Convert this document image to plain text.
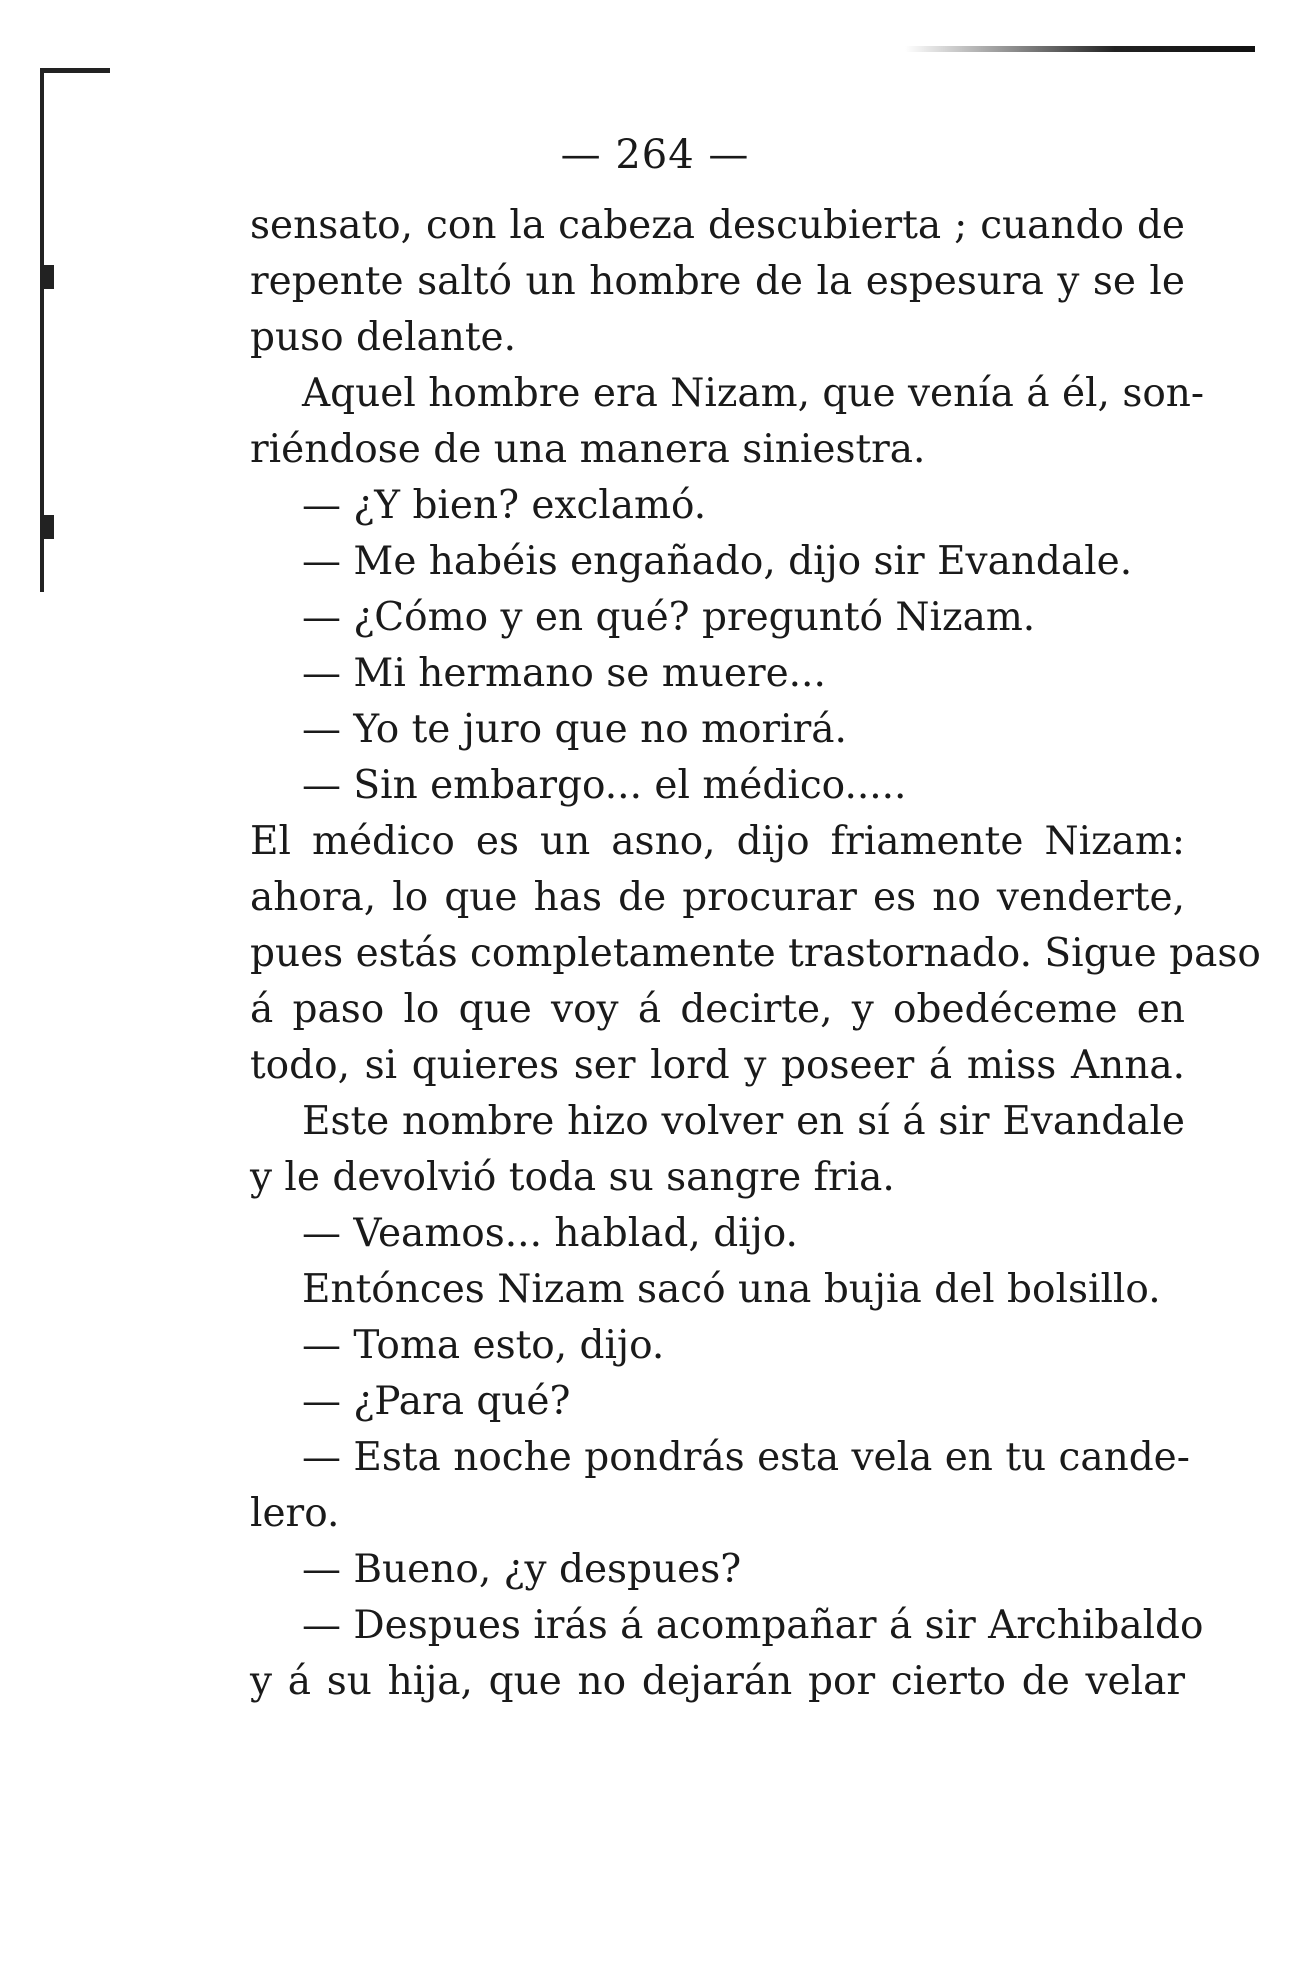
— 264 —
sensato, con la cabeza descubierta ; cuando de
repente saltó un hombre de la espesura y se le
puso delante.
Aquel hombre era Nizam, que venía á él, son-
riéndose de una manera siniestra.
— ¿Y bien? exclamó.
— Me habéis engañado, dijo sir Evandale.
— ¿Cómo y en qué? preguntó Nizam.
— Mi hermano se muere...
— Yo te juro que no morirá.
— Sin embargo... el médico.....
El médico es un asno, dijo friamente Nizam:
ahora, lo que has de procurar es no venderte,
pues estás completamente trastornado. Sigue paso
á paso lo que voy á decirte, y obedéceme en
todo, si quieres ser lord y poseer á miss Anna.
Este nombre hizo volver en sí á sir Evandale
y le devolvió toda su sangre fria.
— Veamos... hablad, dijo.
Entónces Nizam sacó una bujia del bolsillo.
— Toma esto, dijo.
— ¿Para qué?
— Esta noche pondrás esta vela en tu cande-
lero.
— Bueno, ¿y despues?
— Despues irás á acompañar á sir Archibaldo
y á su hija, que no dejarán por cierto de velar
